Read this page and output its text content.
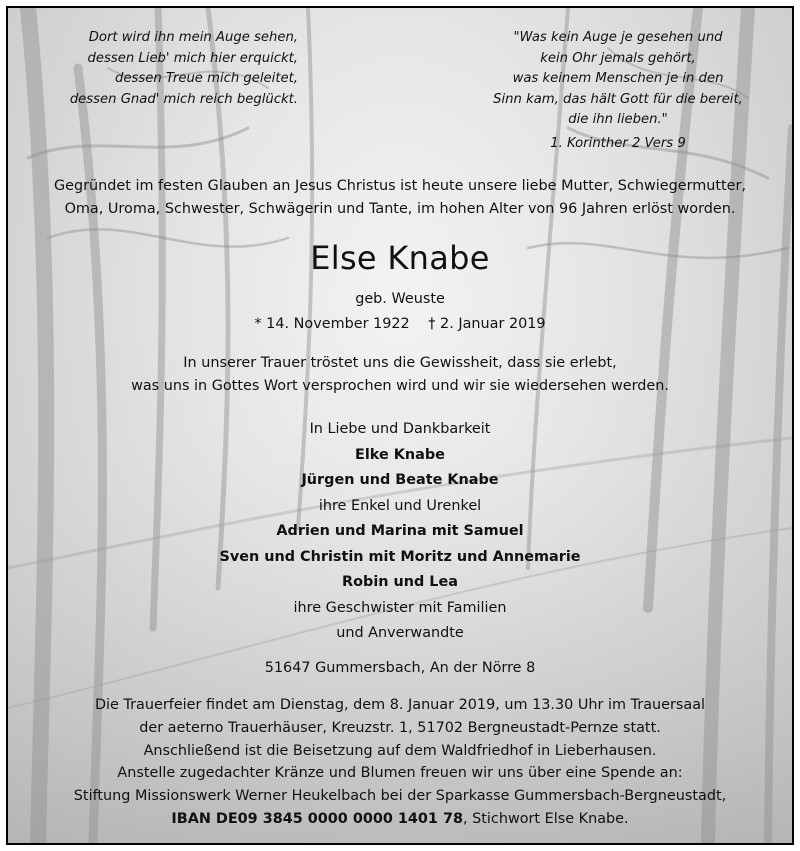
Dort wird ihn mein Auge sehen,
dessen Lieb' mich hier erquickt,
dessen Treue mich geleitet,
dessen Gnad' mich reich beglückt.
"Was kein Auge je gesehen und
kein Ohr jemals gehört,
was keinem Menschen je in den
Sinn kam, das hält Gott für die bereit,
die ihn lieben."
1. Korinther 2 Vers 9
Gegründet im festen Glauben an Jesus Christus ist heute unsere liebe Mutter, Schwiegermutter,
Oma, Uroma, Schwester, Schwägerin und Tante, im hohen Alter von 96 Jahren erlöst worden.
Else Knabe
geb. Weuste
* 14. November 1922 † 2. Januar 2019
In unserer Trauer tröstet uns die Gewissheit, dass sie erlebt,
was uns in Gottes Wort versprochen wird und wir sie wiedersehen werden.
In Liebe und Dankbarkeit
Elke Knabe
Jürgen und Beate Knabe
ihre Enkel und Urenkel
Adrien und Marina mit Samuel
Sven und Christin mit Moritz und Annemarie
Robin und Lea
ihre Geschwister mit Familien
und Anverwandte
51647 Gummersbach, An der Nörre 8
Die Trauerfeier findet am Dienstag, dem 8. Januar 2019, um 13.30 Uhr im Trauersaal
der aeterno Trauerhäuser, Kreuzstr. 1, 51702 Bergneustadt-Pernze statt.
Anschließend ist die Beisetzung auf dem Waldfriedhof in Lieberhausen.
Anstelle zugedachter Kränze und Blumen freuen wir uns über eine Spende an:
Stiftung Missionswerk Werner Heukelbach bei der Sparkasse Gummersbach-Bergneustadt,
IBAN DE09 3845 0000 0000 1401 78, Stichwort Else Knabe.
